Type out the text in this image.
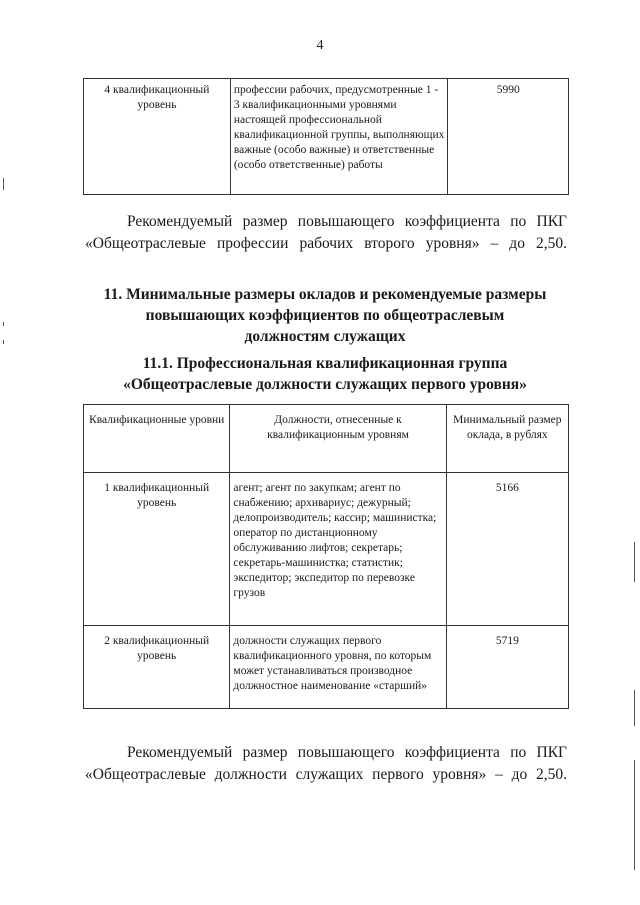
4
4 квалификационный уровень	профессии рабочих, предусмотренные 1 - 3 квалификационными уровнями настоящей профессиональной квалификационной группы, выполняющих важные (особо важные) и ответственные (особо ответственные) работы	5990
Рекомендуемый размер повышающего коэффициента по ПКГ
«Общеотраслевые профессии рабочих второго уровня» – до 2,50.
11. Минимальные размеры окладов и рекомендуемые размеры
повышающих коэффициентов по общеотраслевым
должностям служащих
11.1. Профессиональная квалификационная группа
«Общеотраслевые должности служащих первого уровня»
Квалификационные уровни	Должности, отнесенные к квалификационным уровням	Минимальный размер оклада, в рублях
1 квалификационный уровень	агент; агент по закупкам; агент по снабжению; архивариус; дежурный; делопроизводитель; кассир; машинистка; оператор по дистанционному обслуживанию лифтов; секретарь; секретарь-машинистка; статистик; экспедитор; экспедитор по перевозке грузов	5166
2 квалификационный уровень	должности служащих первого квалификационного уровня, по которым может устанавливаться производное должностное наименование «старший»	5719
Рекомендуемый размер повышающего коэффициента по ПКГ
«Общеотраслевые должности служащих первого уровня» – до 2,50.
